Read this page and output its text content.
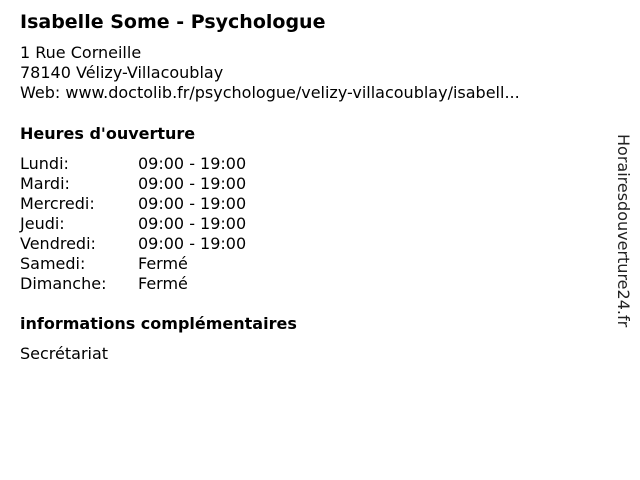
Isabelle Some - Psychologue
1 Rue Corneille
78140 Vélizy-Villacoublay
Web: www.doctolib.fr/psychologue/velizy-villacoublay/isabell...
Heures d'ouverture
Lundi:	09:00 - 19:00
Mardi:	09:00 - 19:00
Mercredi:	09:00 - 19:00
Jeudi:	09:00 - 19:00
Vendredi:	09:00 - 19:00
Samedi:	Fermé
Dimanche: Fermé
informations complémentaires
Secrétariat
Horairesdouverture24.fr
